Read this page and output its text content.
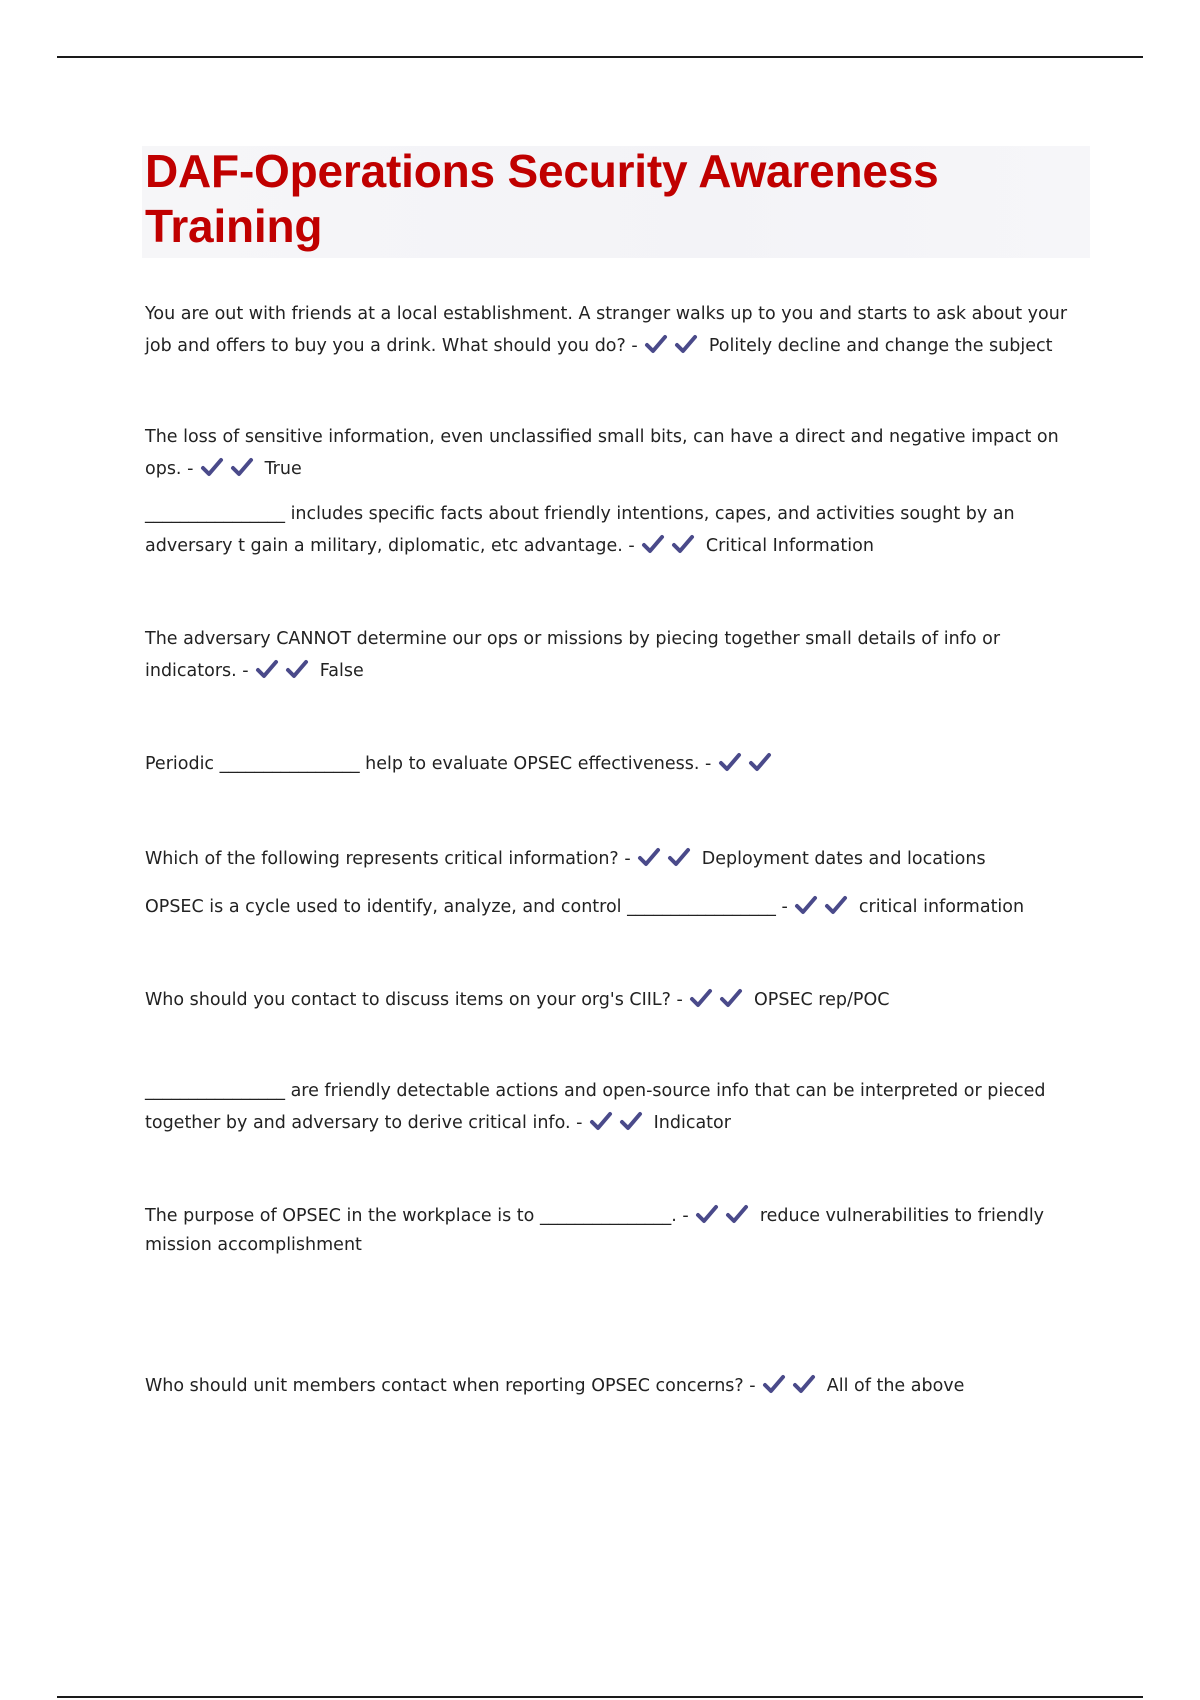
DAF-Operations Security Awareness Training
You are out with friends at a local establishment. A stranger walks up to you and starts to ask about your job and offers to buy you a drink. What should you do? -	Politely decline and change the subject
The loss of sensitive information, even unclassified small bits, can have a direct and negative impact on ops. -	True
________________ includes specific facts about friendly intentions, capes, and activities sought by an adversary t gain a military, diplomatic, etc advantage. -	Critical Information
The adversary CANNOT determine our ops or missions by piecing together small details of info or indicators. -	False
Periodic ________________ help to evaluate OPSEC effectiveness. -
Which of the following represents critical information? -	Deployment dates and locations
OPSEC is a cycle used to identify, analyze, and control _________________ -	critical information
Who should you contact to discuss items on your org's CIIL? -	OPSEC rep/POC
________________ are friendly detectable actions and open-source info that can be interpreted or pieced together by and adversary to derive critical info. -	Indicator
The purpose of OPSEC in the workplace is to _______________. -	reduce vulnerabilities to friendly mission accomplishment
Who should unit members contact when reporting OPSEC concerns? -	All of the above
